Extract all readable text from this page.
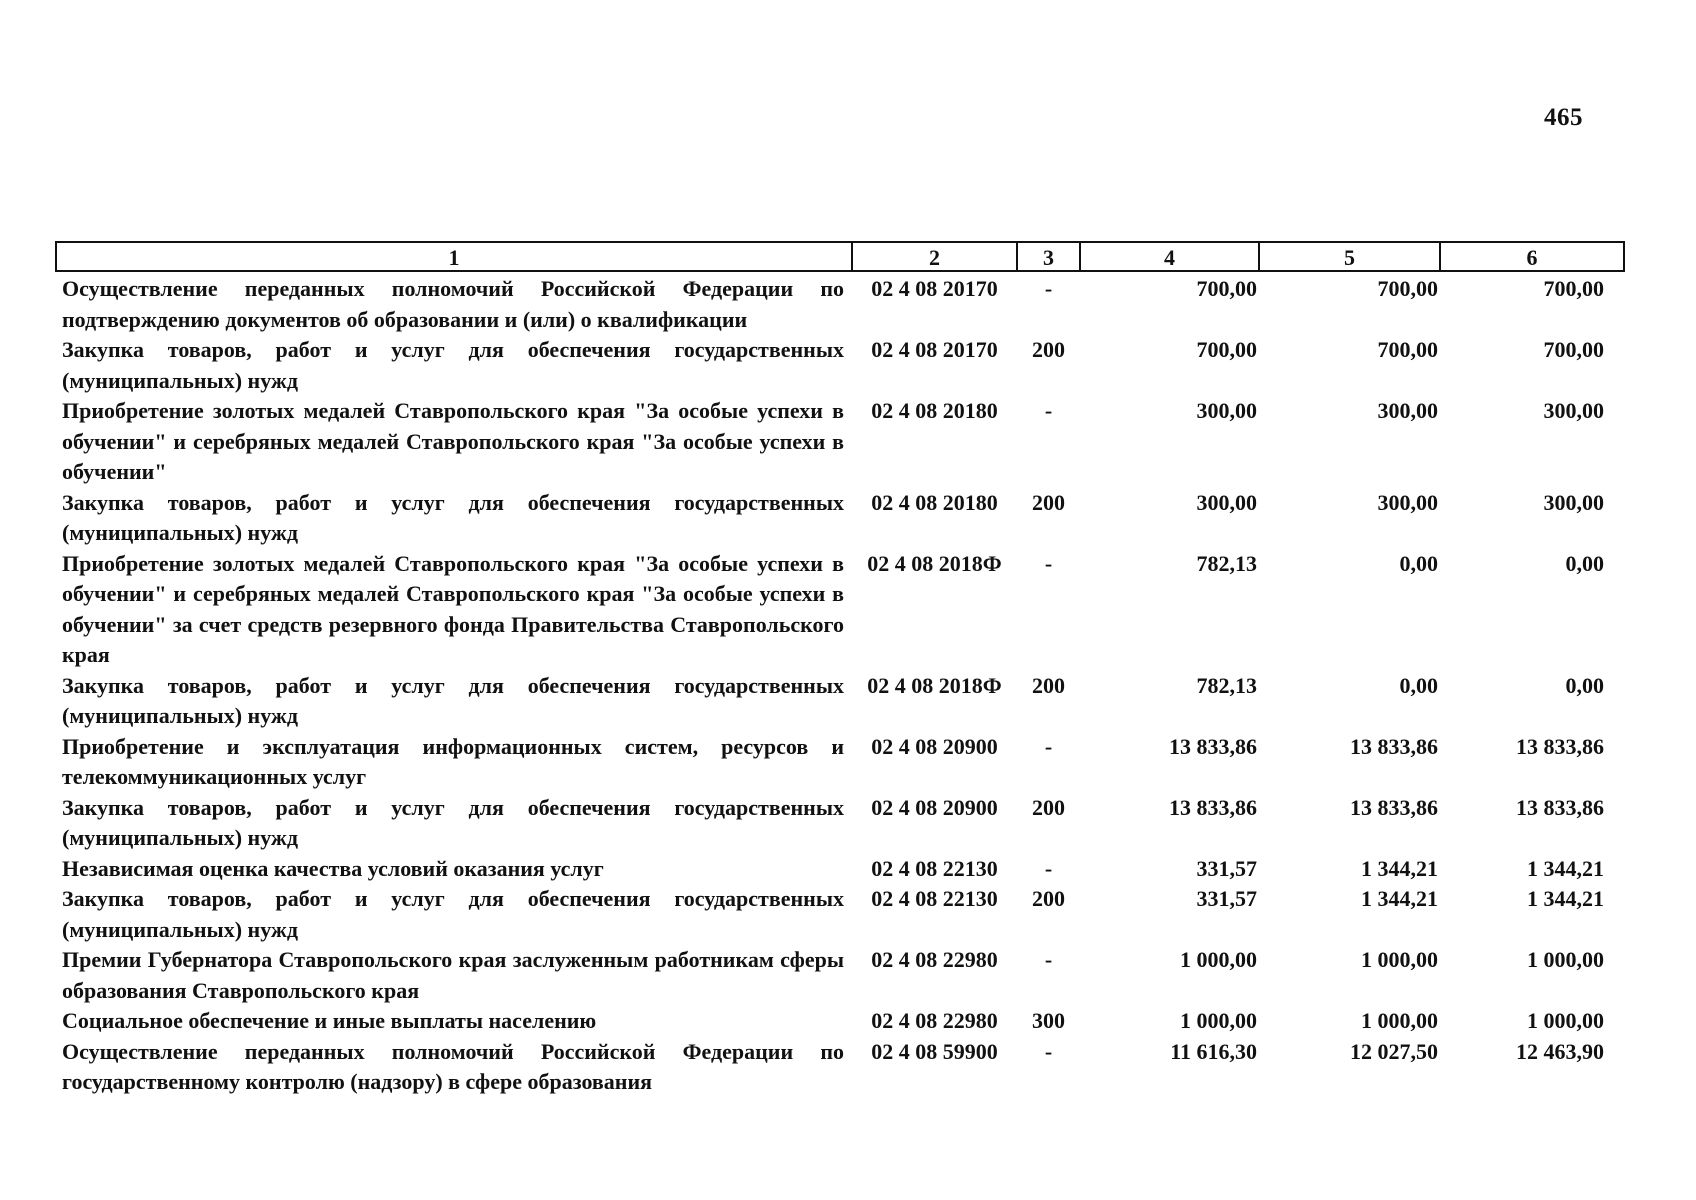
465
1	2	3	4	5	6
Осуществление переданных полномочий Российской Федерации по подтверждению документов об образовании и (или) о квалификации	02 4 08 20170	-	700,00	700,00	700,00
Закупка товаров, работ и услуг для обеспечения государственных (муниципальных) нужд	02 4 08 20170	200	700,00	700,00	700,00
Приобретение золотых медалей Ставропольского края "За особые успехи в обучении" и серебряных медалей Ставропольского края "За особые успехи в обучении"	02 4 08 20180	-	300,00	300,00	300,00
Закупка товаров, работ и услуг для обеспечения государственных (муниципальных) нужд	02 4 08 20180	200	300,00	300,00	300,00
Приобретение золотых медалей Ставропольского края "За особые успехи в обучении" и серебряных медалей Ставропольского края "За особые успехи в обучении" за счет средств резервного фонда Правительства Ставропольского края	02 4 08 2018Ф	-	782,13	0,00	0,00
Закупка товаров, работ и услуг для обеспечения государственных (муниципальных) нужд	02 4 08 2018Ф	200	782,13	0,00	0,00
Приобретение и эксплуатация информационных систем, ресурсов и телекоммуникационных услуг	02 4 08 20900	-	13 833,86	13 833,86	13 833,86
Закупка товаров, работ и услуг для обеспечения государственных (муниципальных) нужд	02 4 08 20900	200	13 833,86	13 833,86	13 833,86
Независимая оценка качества условий оказания услуг	02 4 08 22130	-	331,57	1 344,21	1 344,21
Закупка товаров, работ и услуг для обеспечения государственных (муниципальных) нужд	02 4 08 22130	200	331,57	1 344,21	1 344,21
Премии Губернатора Ставропольского края заслуженным работникам сферы образования Ставропольского края	02 4 08 22980	-	1 000,00	1 000,00	1 000,00
Социальное обеспечение и иные выплаты населению	02 4 08 22980	300	1 000,00	1 000,00	1 000,00
Осуществление переданных полномочий Российской Федерации по государственному контролю (надзору) в сфере образования	02 4 08 59900	-	11 616,30	12 027,50	12 463,90
